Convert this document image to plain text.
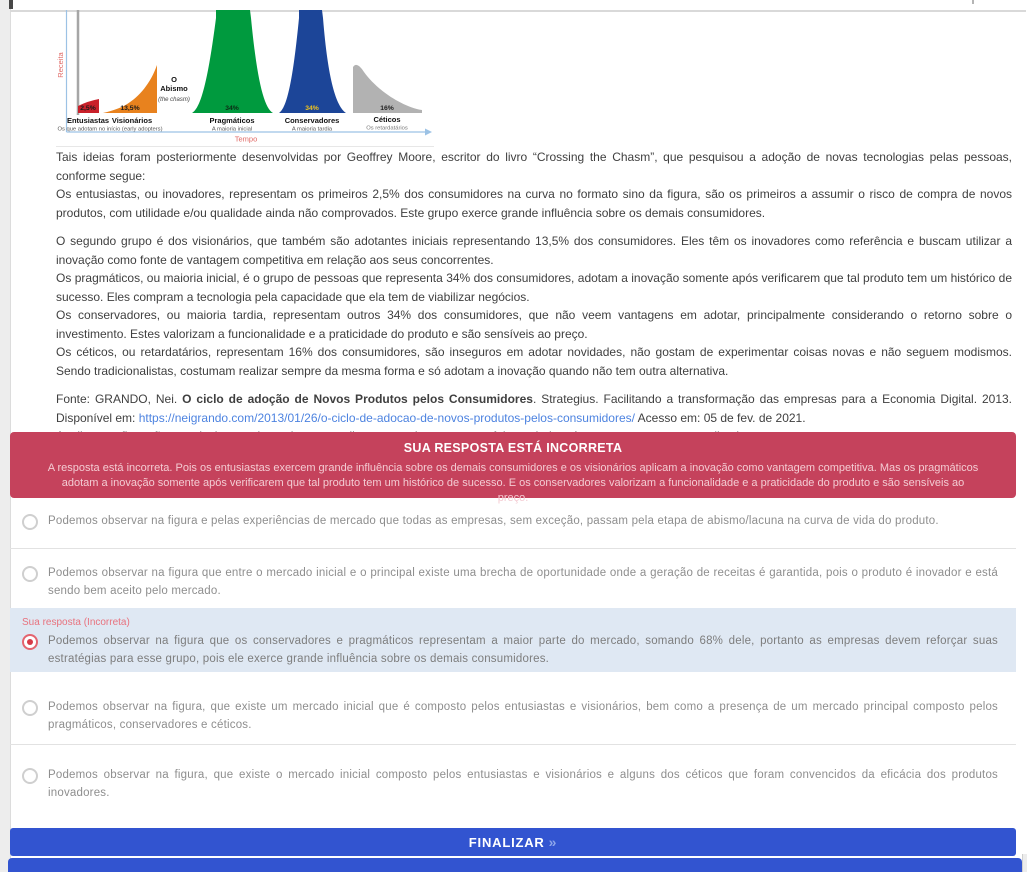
Receita
2,5%	13,5%	34%	34%	16%
O
Abismo
(the chasm)
Entusiastas Visionários	Pragmáticos	Conservadores	Céticos
Os que adotam no início (early adopters)	A maioria inicial	A maioria tardia	Os retardatários
Tempo
Tais ideias foram posteriormente desenvolvidas por Geoffrey Moore, escritor do livro “Crossing the Chasm”, que pesquisou a adoção de novas tecnologias pelas pessoas, conforme segue:
Os entusiastas, ou inovadores, representam os primeiros 2,5% dos consumidores na curva no formato sino da figura, são os primeiros a assumir o risco de compra de novos produtos, com utilidade e/ou qualidade ainda não comprovados. Este grupo exerce grande influência sobre os demais consumidores.
O segundo grupo é dos visionários, que também são adotantes iniciais representando 13,5% dos consumidores. Eles têm os inovadores como referência e buscam utilizar a inovação como fonte de vantagem competitiva em relação aos seus concorrentes.
Os pragmáticos, ou maioria inicial, é o grupo de pessoas que representa 34% dos consumidores, adotam a inovação somente após verificarem que tal produto tem um histórico de sucesso. Eles compram a tecnologia pela capacidade que ela tem de viabilizar negócios.
Os conservadores, ou maioria tardia, representam outros 34% dos consumidores, que não veem vantagens em adotar, principalmente considerando o retorno sobre o investimento. Estes valorizam a funcionalidade e a praticidade do produto e são sensíveis ao preço.
Os céticos, ou retardatários, representam 16% dos consumidores, são inseguros em adotar novidades, não gostam de experimentar coisas novas e não seguem modismos. Sendo tradicionalistas, costumam realizar sempre da mesma forma e só adotam a inovação quando não tem outra alternativa.
Fonte: GRANDO, Nei. O ciclo de adoção de Novos Produtos pelos Consumidores. Strategius. Facilitando a transformação das empresas para a Economia Digital. 2013. Disponível em: https://neigrando.com/2013/01/26/o-ciclo-de-adocao-de-novos-produtos-pelos-consumidores/ Acesso em: 05 de fev. de 2021.
SUA RESPOSTA ESTÁ INCORRETA
A resposta está incorreta. Pois os entusiastas exercem grande influência sobre os demais consumidores e os visionários aplicam a inovação como vantagem competitiva. Mas os pragmáticos adotam a inovação somente após verificarem que tal produto tem um histórico de sucesso. E os conservadores valorizam a funcionalidade e a praticidade do produto e são sensíveis ao preço.
Podemos observar na figura e pelas experiências de mercado que todas as empresas, sem exceção, passam pela etapa de abismo/lacuna na curva de vida do produto.
Podemos observar na figura que entre o mercado inicial e o principal existe uma brecha de oportunidade onde a geração de receitas é garantida, pois o produto é inovador e está sendo bem aceito pelo mercado.
Sua resposta (Incorreta)
Podemos observar na figura que os conservadores e pragmáticos representam a maior parte do mercado, somando 68% dele, portanto as empresas devem reforçar suas estratégias para esse grupo, pois ele exerce grande influência sobre os demais consumidores.
Podemos observar na figura, que existe um mercado inicial que é composto pelos entusiastas e visionários, bem como a presença de um mercado principal composto pelos pragmáticos, conservadores e céticos.
Podemos observar na figura, que existe o mercado inicial composto pelos entusiastas e visionários e alguns dos céticos que foram convencidos da eficácia dos produtos inovadores.
FINALIZAR »
